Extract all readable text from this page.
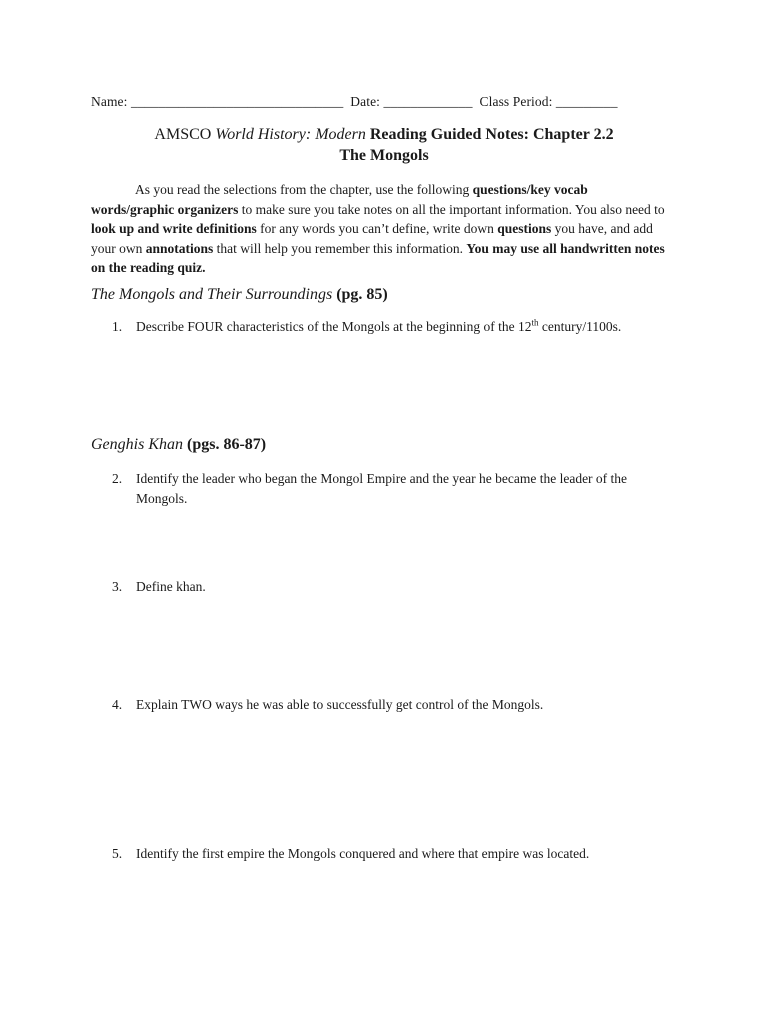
Name: _______________________________ Date: _____________ Class Period: _________
AMSCO World History: Modern Reading Guided Notes: Chapter 2.2
The Mongols
As you read the selections from the chapter, use the following questions/key vocab words/graphic organizers to make sure you take notes on all the important information. You also need to look up and write definitions for any words you can’t define, write down questions you have, and add your own annotations that will help you remember this information. You may use all handwritten notes on the reading quiz.
The Mongols and Their Surroundings (pg. 85)
1. Describe FOUR characteristics of the Mongols at the beginning of the 12th century/1100s.
Genghis Khan (pgs. 86-87)
2. Identify the leader who began the Mongol Empire and the year he became the leader of the Mongols.
3. Define khan.
4. Explain TWO ways he was able to successfully get control of the Mongols.
5. Identify the first empire the Mongols conquered and where that empire was located.
